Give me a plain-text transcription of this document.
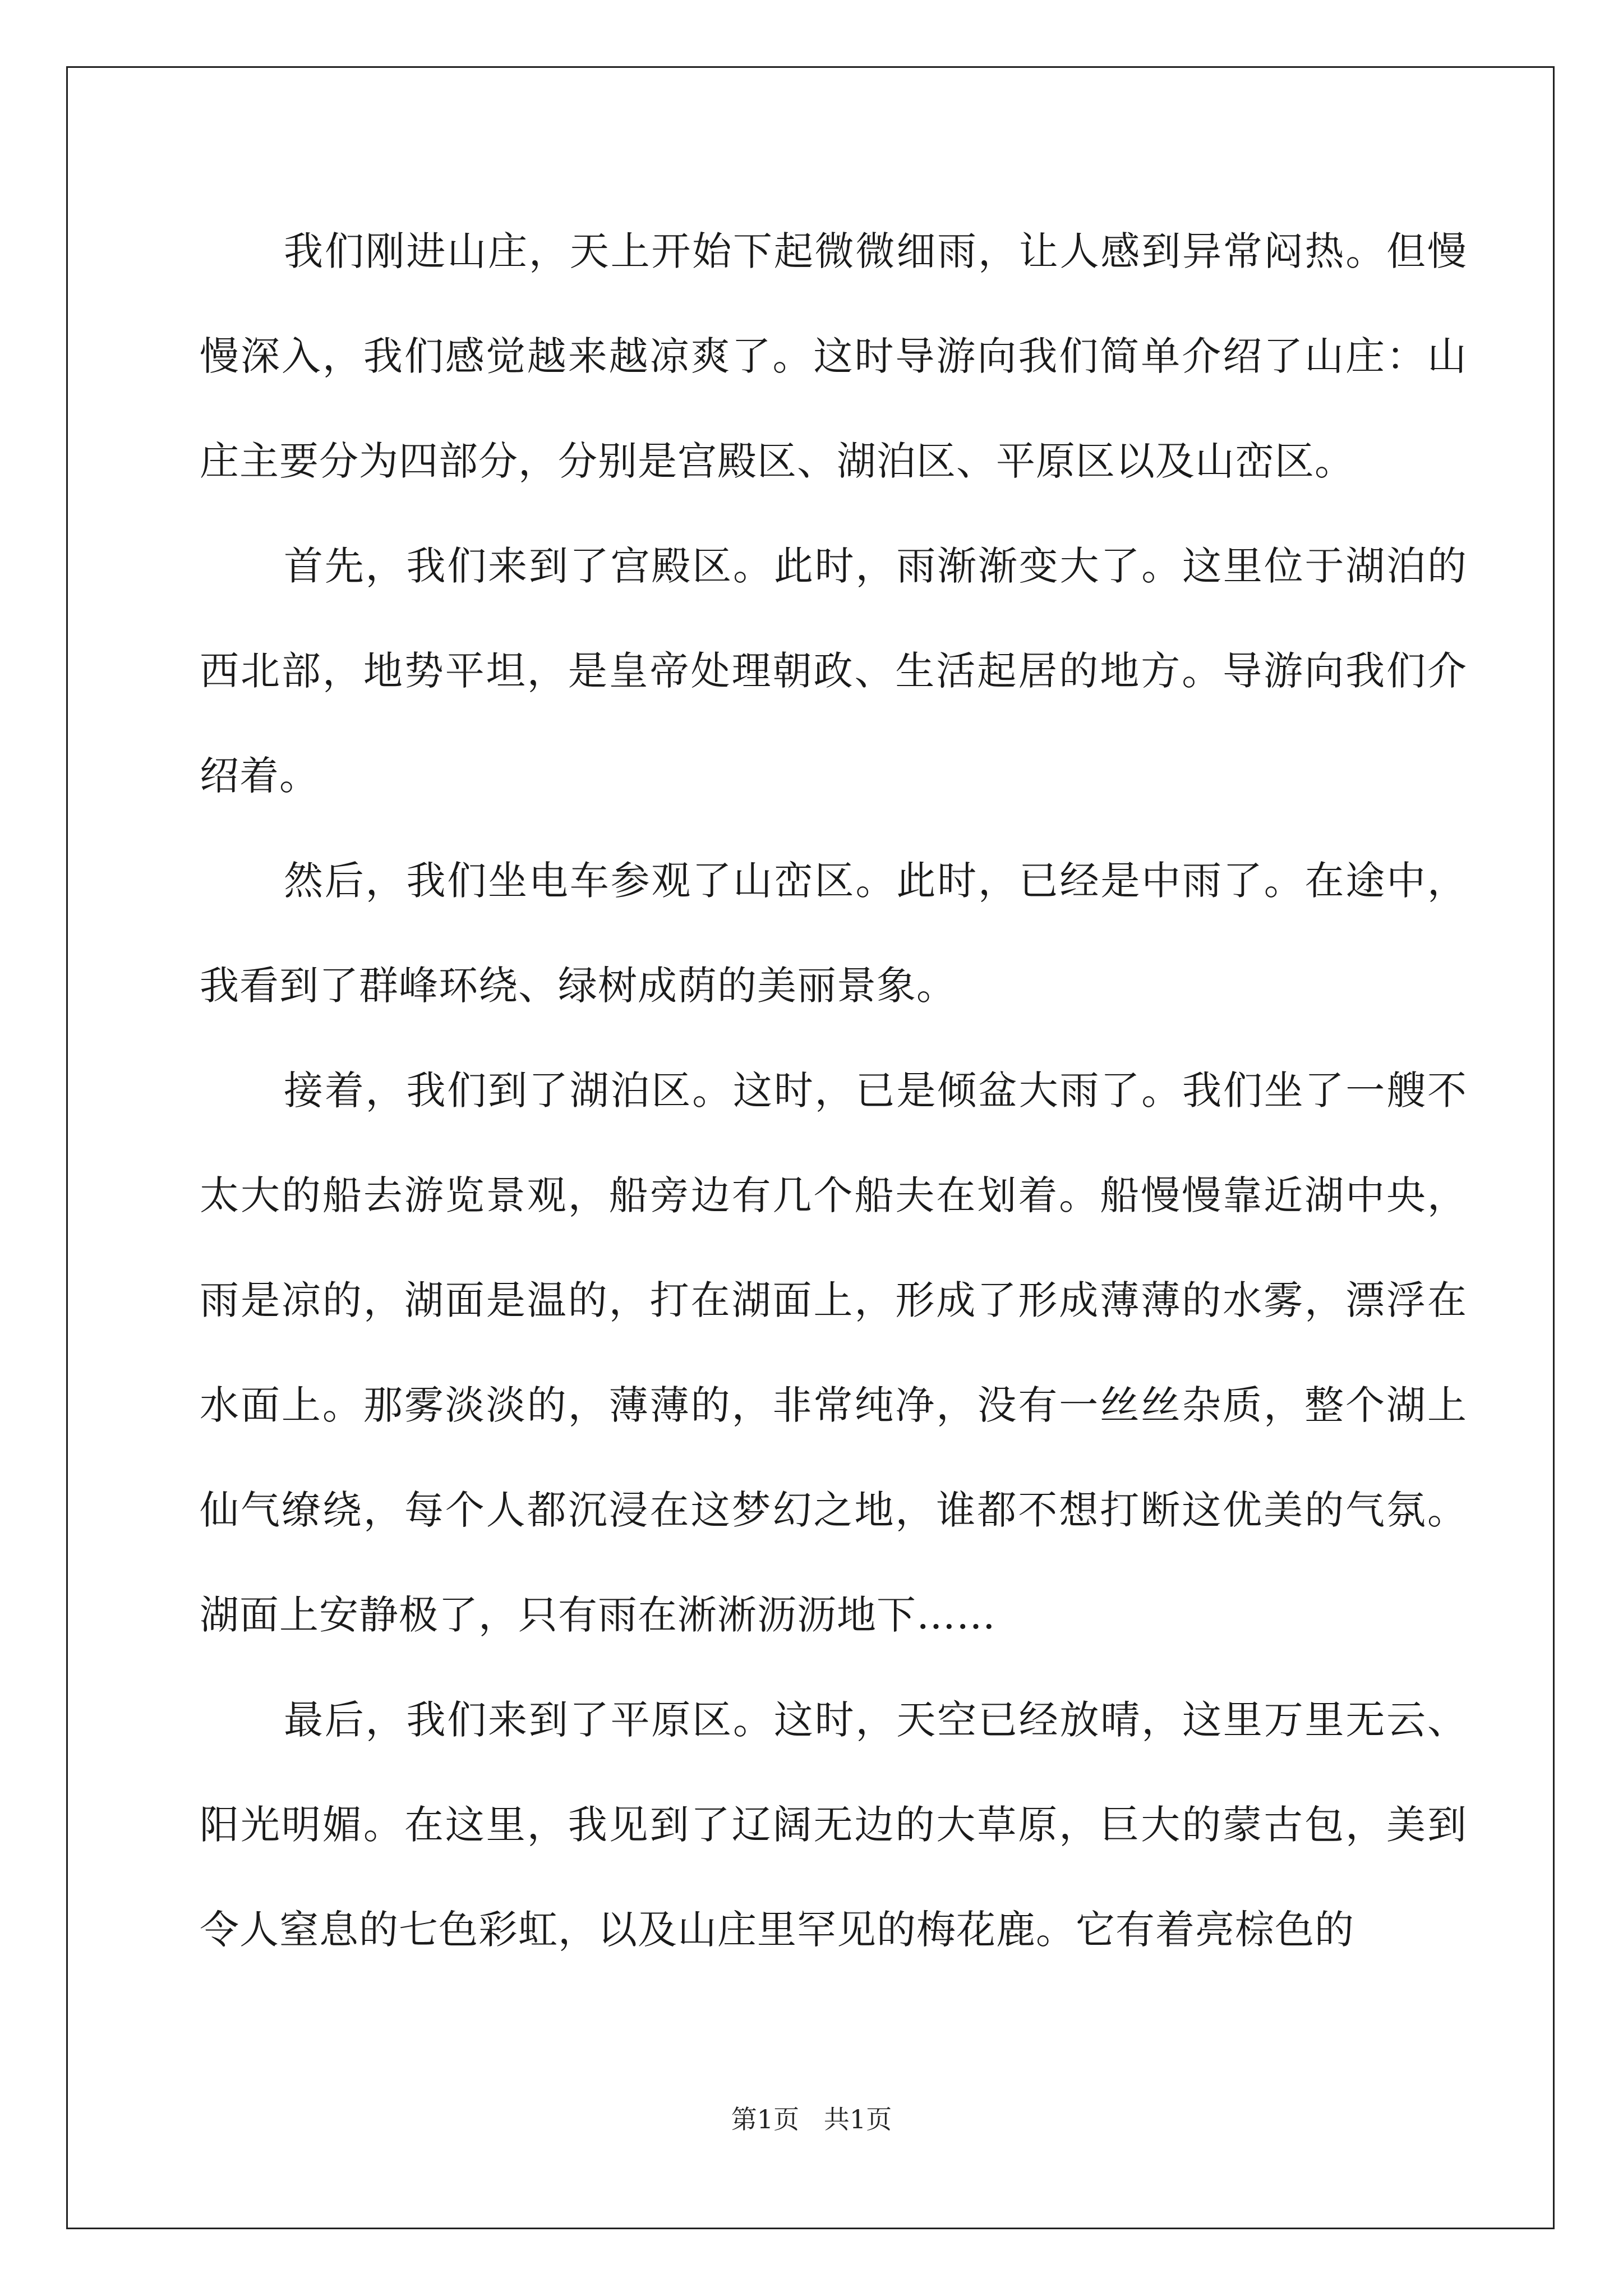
我们刚进山庄，天上开始下起微微细雨，让人感到异常闷热。但慢慢深入，我们感觉越来越凉爽了。这时导游向我们简单介绍了山庄：山庄主要分为四部分，分别是宫殿区、湖泊区、平原区以及山峦区。

首先，我们来到了宫殿区。此时，雨渐渐变大了。这里位于湖泊的西北部，地势平坦，是皇帝处理朝政、生活起居的地方。导游向我们介绍着。

然后，我们坐电车参观了山峦区。此时，已经是中雨了。在途中，我看到了群峰环绕、绿树成荫的美丽景象。

接着，我们到了湖泊区。这时，已是倾盆大雨了。我们坐了一艘不太大的船去游览景观，船旁边有几个船夫在划着。船慢慢靠近湖中央，雨是凉的，湖面是温的，打在湖面上，形成了形成薄薄的水雾，漂浮在水面上。那雾淡淡的，薄薄的，非常纯净，没有一丝丝杂质，整个湖上仙气缭绕，每个人都沉浸在这梦幻之地，谁都不想打断这优美的气氛。湖面上安静极了，只有雨在淅淅沥沥地下……

最后，我们来到了平原区。这时，天空已经放晴，这里万里无云、阳光明媚。在这里，我见到了辽阔无边的大草原，巨大的蒙古包，美到令人窒息的七色彩虹，以及山庄里罕见的梅花鹿。它有着亮棕色的

第1页   共1页
